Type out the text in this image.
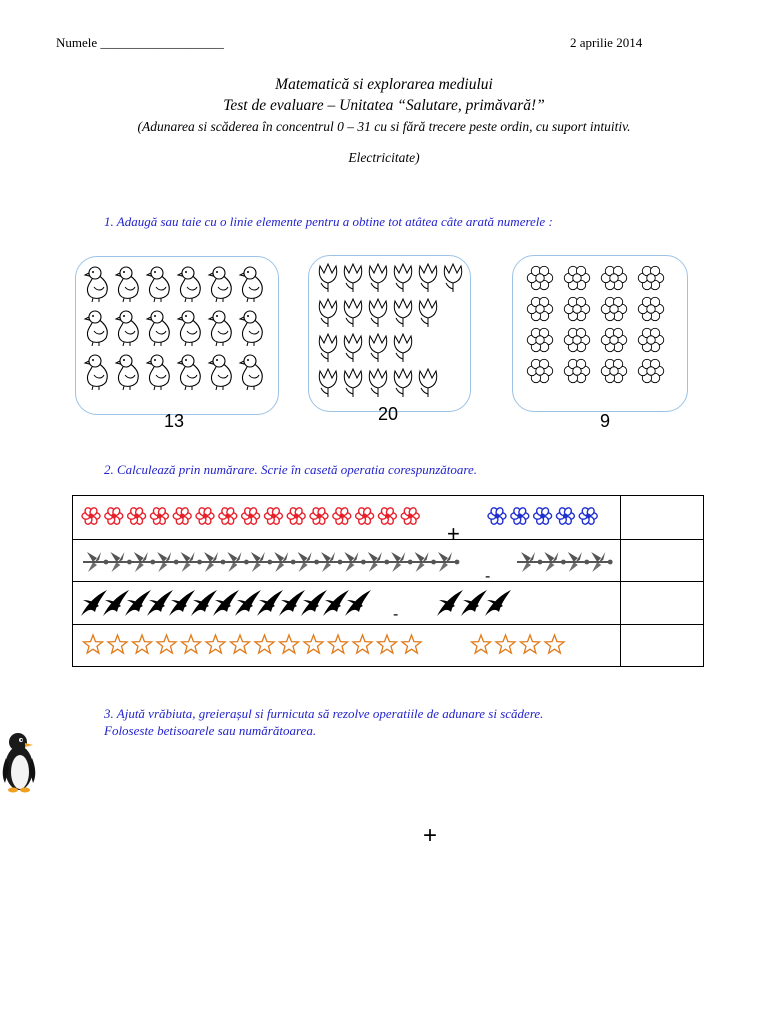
Numele ___________________	2 aprilie 2014
Matematică si explorarea mediului
Test de evaluare – Unitatea “Salutare, primăvară!”
(Adunarea si scăderea în concentrul 0 – 31 cu si fără trecere peste ordin, cu suport intuitiv.
Electricitate)
1. Adaugă sau taie cu o linie elemente pentru a obtine tot atâtea câte arată numerele :
13	20	9
2. Calculează prin numărare. Scrie în casetă operatia corespunzătoare.
+
-
-
3. Ajută vrăbiuta, greierașul si furnicuta să rezolve operatiile de adunare si scădere.
Foloseste betisoarele sau numărătoarea.
+
